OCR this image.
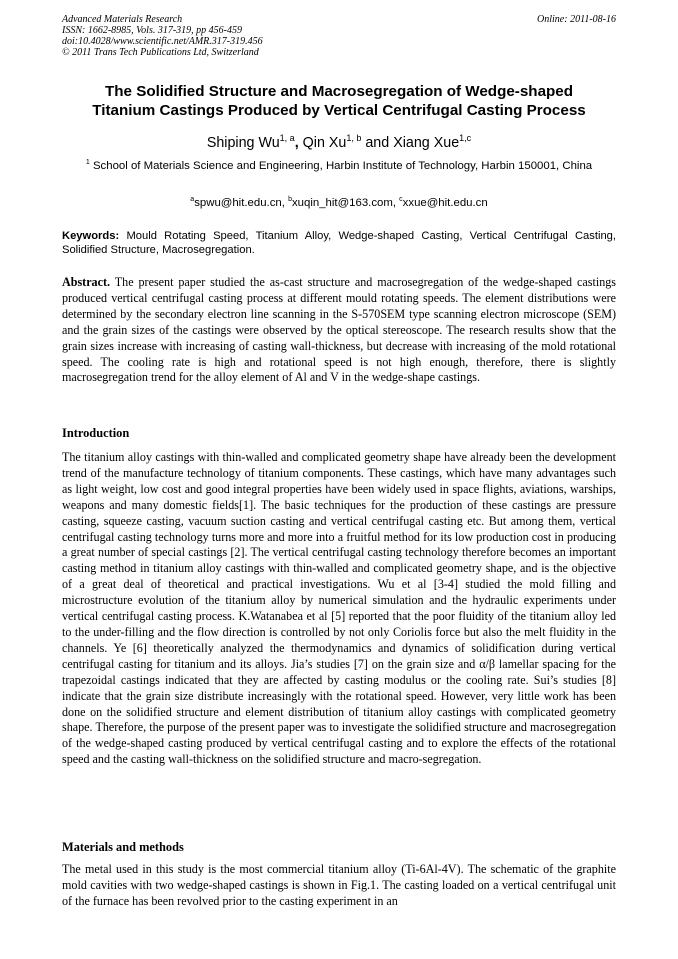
Advanced Materials Research
ISSN: 1662-8985, Vols. 317-319, pp 456-459
doi:10.4028/www.scientific.net/AMR.317-319.456
© 2011 Trans Tech Publications Ltd, Switzerland
Online: 2011-08-16
The Solidified Structure and Macrosegregation of Wedge-shaped
Titanium Castings Produced by Vertical Centrifugal Casting Process
Shiping Wu$^{1, a}$, Qin Xu$^{1, b}$ and Xiang Xue$^{1,c}$
$^1$ School of Materials Science and Engineering, Harbin Institute of Technology, Harbin 150001, China
$^a$spwu@hit.edu.cn, $^b$xuqin_hit@163.com, $^c$xxue@hit.edu.cn
Keywords: Mould Rotating Speed, Titanium Alloy, Wedge-shaped Casting, Vertical Centrifugal Casting, Solidified Structure, Macrosegregation.
Abstract. The present paper studied the as-cast structure and macrosegregation of the wedge-shaped castings produced vertical centrifugal casting process at different mould rotating speeds. The element distributions were determined by the secondary electron line scanning in the S-570SEM type scanning electron microscope (SEM) and the grain sizes of the castings were observed by the optical stereoscope. The research results show that the grain sizes increase with increasing of casting wall-thickness, but decrease with increasing of the mold rotational speed. The cooling rate is high and rotational speed is not high enough, therefore, there is slightly macrosegregation trend for the alloy element of Al and V in the wedge-shape castings.
Introduction
The titanium alloy castings with thin-walled and complicated geometry shape have already been the development trend of the manufacture technology of titanium components. These castings, which have many advantages such as light weight, low cost and good integral properties have been widely used in space flights, aviations, warships, weapons and many domestic fields[1]. The basic techniques for the production of these castings are pressure casting, squeeze casting, vacuum suction casting and vertical centrifugal casting etc. But among them, vertical centrifugal casting technology turns more and more into a fruitful method for its low production cost in producing a great number of special castings [2]. The vertical centrifugal casting technology therefore becomes an important casting method in titanium alloy castings with thin-walled and complicated geometry shape, and is the objective of a great deal of theoretical and practical investigations. Wu et al [3-4] studied the mold filling and microstructure evolution of the titanium alloy by numerical simulation and the hydraulic experiments under vertical centrifugal casting process. K.Watanabea et al [5] reported that the poor fluidity of the titanium alloy led to the under-filling and the flow direction is controlled by not only Coriolis force but also the melt fluidity in the channels. Ye [6] theoretically analyzed the thermodynamics and dynamics of solidification during vertical centrifugal casting for titanium and its alloys. Jia’s studies [7] on the grain size and α/β lamellar spacing for the trapezoidal castings indicated that they are affected by casting modulus or the cooling rate. Sui’s studies [8] indicate that the grain size distribute increasingly with the rotational speed. However, very little work has been done on the solidified structure and element distribution of titanium alloy castings with complicated geometry shape. Therefore, the purpose of the present paper was to investigate the solidified structure and macrosegregation of the wedge-shaped casting produced by vertical centrifugal casting and to explore the effects of the rotational speed and the casting wall-thickness on the solidified structure and macro-segregation.
Materials and methods
The metal used in this study is the most commercial titanium alloy (Ti-6Al-4V). The schematic of the graphite mold cavities with two wedge-shaped castings is shown in Fig.1. The casting loaded on a vertical centrifugal unit of the furnace has been revolved prior to the casting experiment in an
